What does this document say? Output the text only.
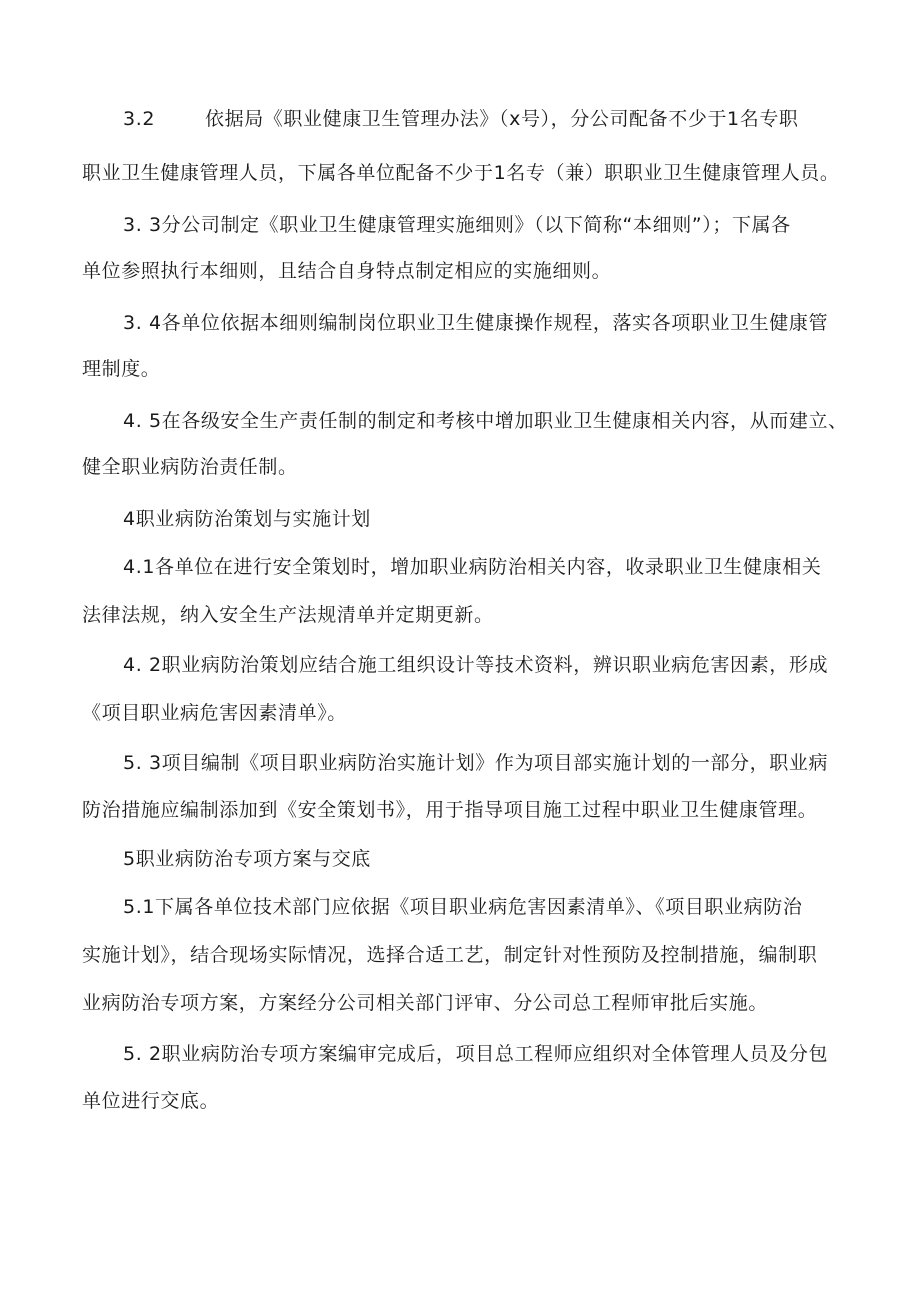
3.2	依据局《职业健康卫生管理办法》（x号），分公司配备不少于1名专职
职业卫生健康管理人员，下属各单位配备不少于1名专（兼）职职业卫生健康管理人员。
3. 3分公司制定《职业卫生健康管理实施细则》（以下简称“本细则”）；下属各
单位参照执行本细则，且结合自身特点制定相应的实施细则。
3. 4各单位依据本细则编制岗位职业卫生健康操作规程，落实各项职业卫生健康管
理制度。
4. 5在各级安全生产责任制的制定和考核中增加职业卫生健康相关内容，从而建立、
健全职业病防治责任制。
4职业病防治策划与实施计划
4.1各单位在进行安全策划时，增加职业病防治相关内容，收录职业卫生健康相关
法律法规，纳入安全生产法规清单并定期更新。
4. 2职业病防治策划应结合施工组织设计等技术资料，辨识职业病危害因素，形成
《项目职业病危害因素清单》。
5. 3项目编制《项目职业病防治实施计划》作为项目部实施计划的一部分，职业病
防治措施应编制添加到《安全策划书》，用于指导项目施工过程中职业卫生健康管理。
5职业病防治专项方案与交底
5.1下属各单位技术部门应依据《项目职业病危害因素清单》、《项目职业病防治
实施计划》，结合现场实际情况，选择合适工艺，制定针对性预防及控制措施，编制职
业病防治专项方案，方案经分公司相关部门评审、分公司总工程师审批后实施。
5. 2职业病防治专项方案编审完成后，项目总工程师应组织对全体管理人员及分包
单位进行交底。
